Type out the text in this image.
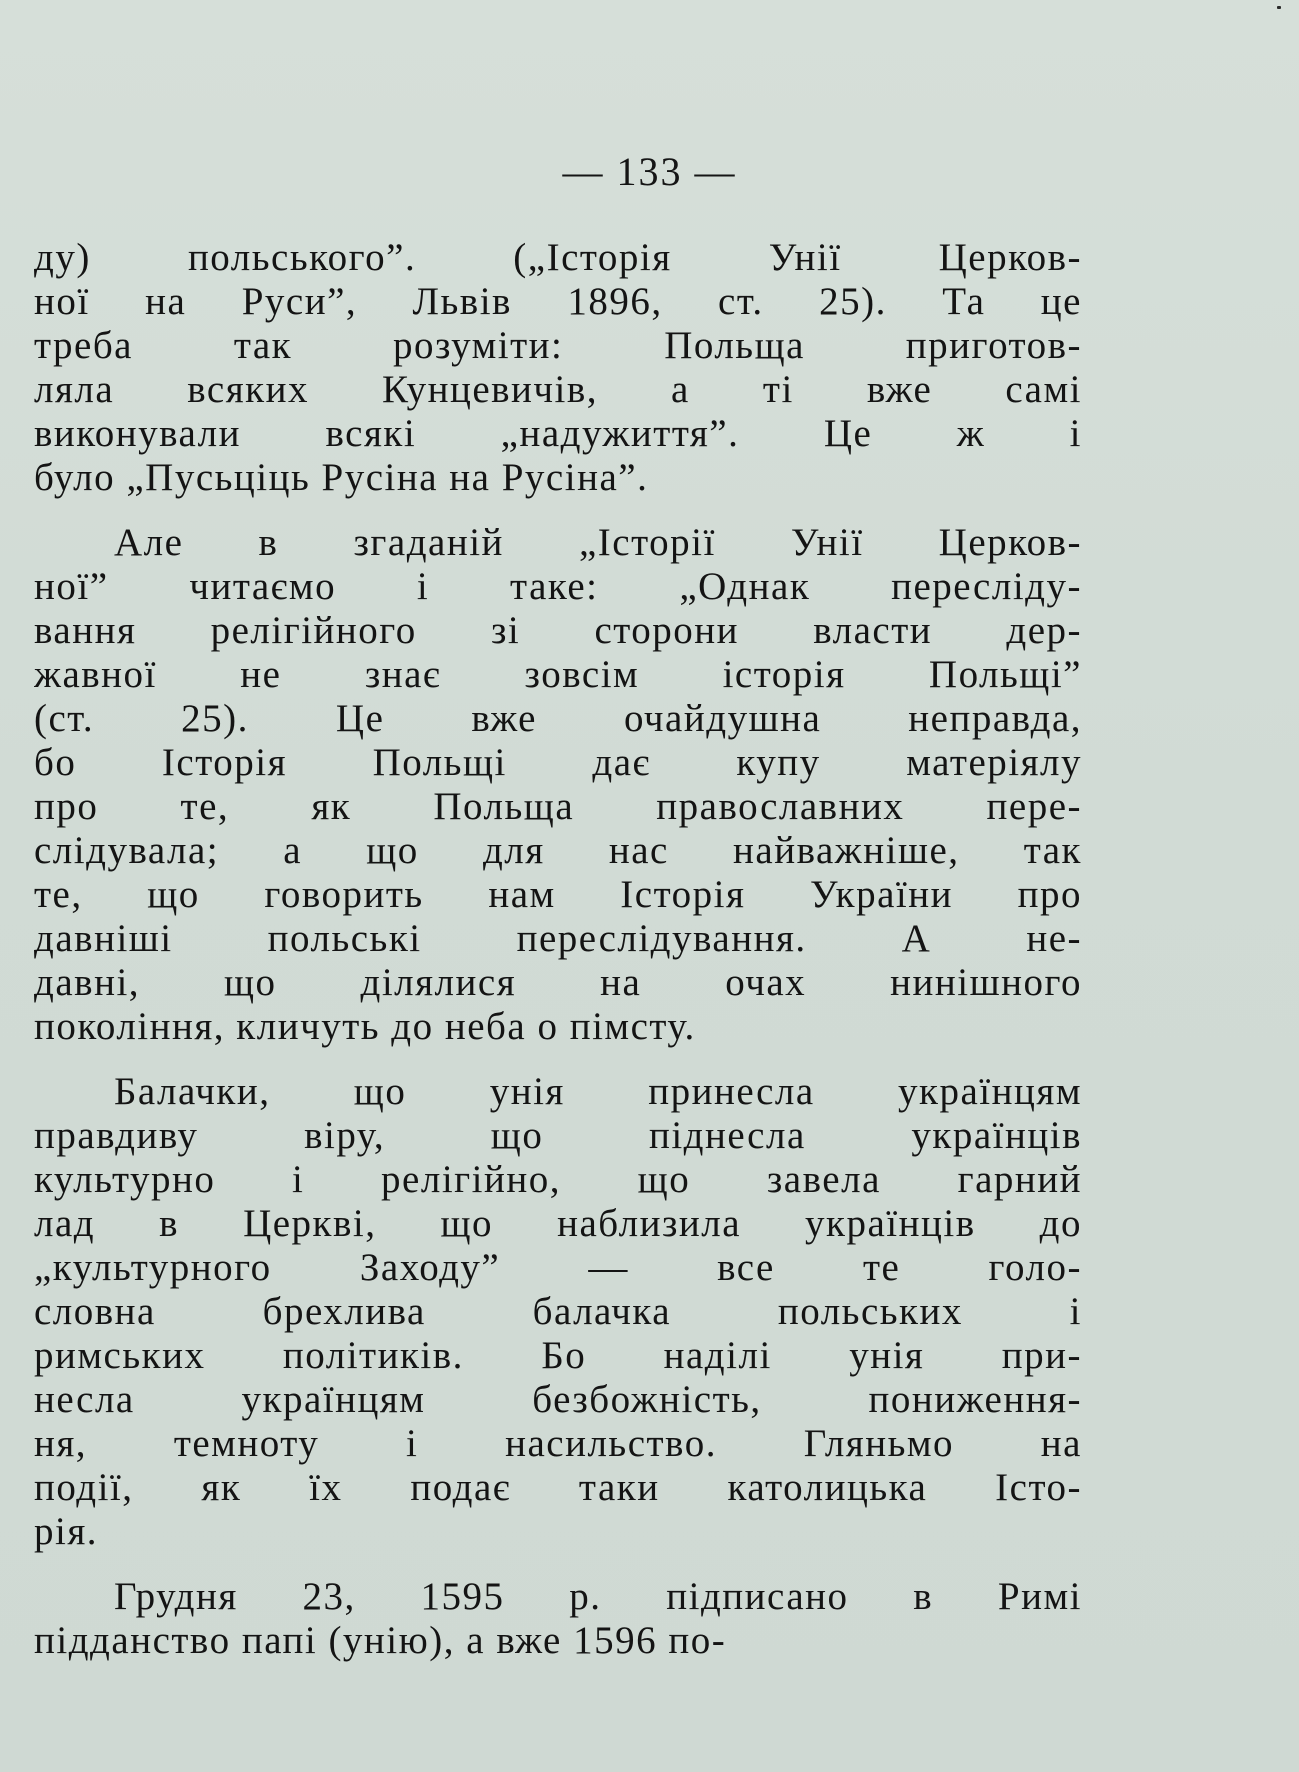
— 133 —

ду) польського”. („Історія Унії Церков-
ної на Руси”, Львів 1896, ст. 25). Та це
треба так розуміти: Польща приготов-
ляла всяких Кунцевичів, а ті вже самі
виконували всякі „надужиття”. Це ж і
було „Пусьціць Русіна на Русіна”.
Але в згаданій „Історії Унії Церков-
ної” читаємо і таке: „Однак пересліду-
вання релігійного зі сторони власти дер-
жавної не знає зовсім історія Польщі”
(ст. 25). Це вже очайдушна неправда,
бо Історія Польщі дає купу матеріялу
про те, як Польща православних пере-
слідувала; а що для нас найважніше, так
те, що говорить нам Історія України про
давніші польські переслідування. А не-
давні, що ділялися на очах нинішного
покоління, кличуть до неба о пімсту.
Балачки, що унія принесла українцям
правдиву віру, що піднесла українців
культурно і релігійно, що завела гарний
лад в Церкві, що наблизила українців до
„культурного Заходу” — все те голо-
словна брехлива балачка польських і
римських політиків. Бо наділі унія при-
несла українцям безбожність, пониження-
ня, темноту і насильство. Гляньмо на
події, як їх подає таки католицька Істо-
рія.
Грудня 23, 1595 р. підписано в Римі
підданство папі (унію), а вже 1596 по-
